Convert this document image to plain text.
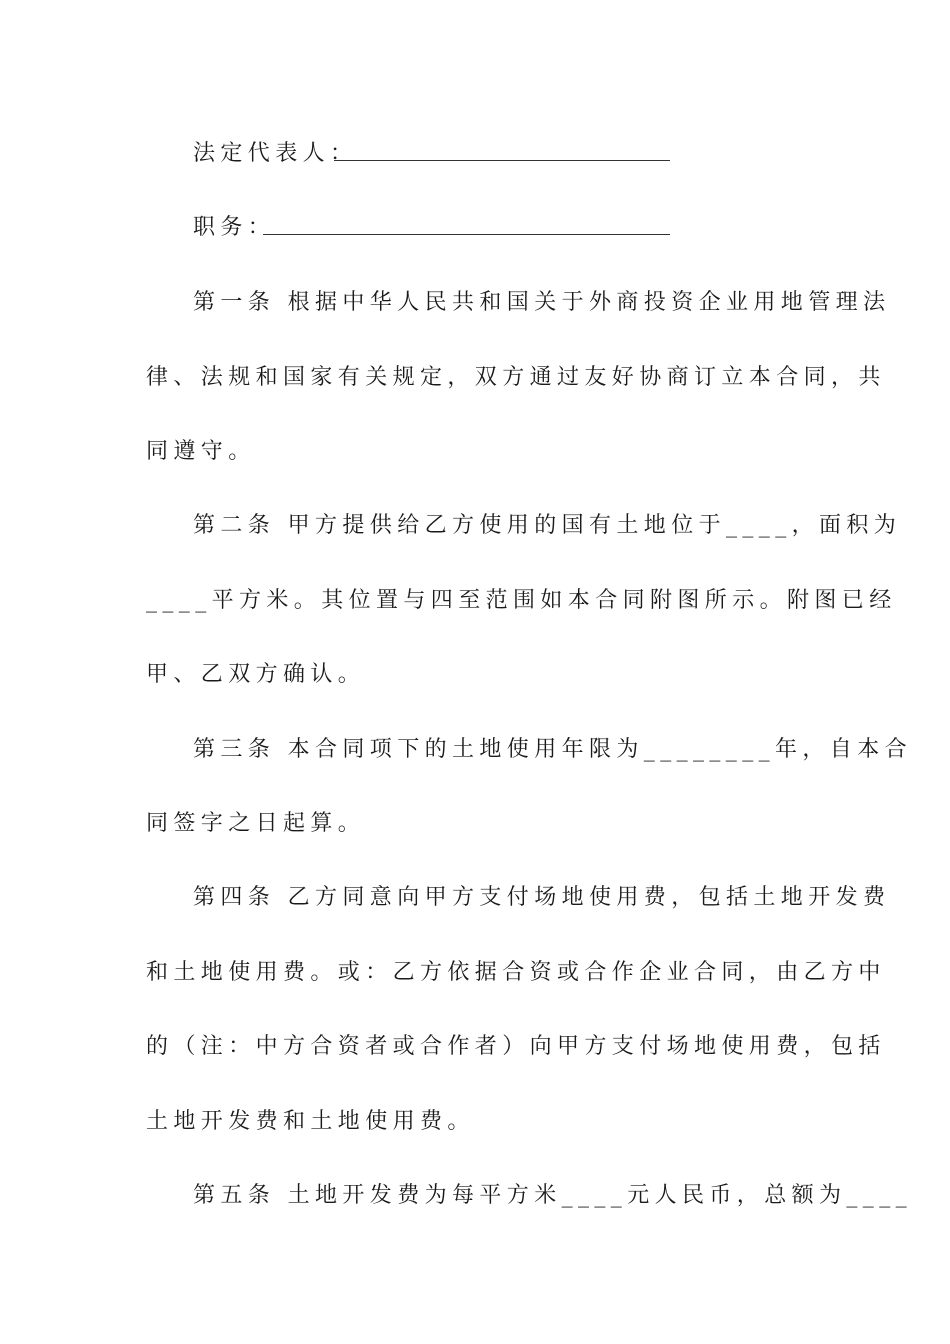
法定代表人：
职务：
第一条 根据中华人民共和国关于外商投资企业用地管理法
律、法规和国家有关规定，双方通过友好协商订立本合同，共
同遵守。
第二条 甲方提供给乙方使用的国有土地位于____，面积为
____平方米。其位置与四至范围如本合同附图所示。附图已经
甲、乙双方确认。
第三条 本合同项下的土地使用年限为________年，自本合
同签字之日起算。
第四条 乙方同意向甲方支付场地使用费，包括土地开发费
和土地使用费。或：乙方依据合资或合作企业合同，由乙方中
的（注：中方合资者或合作者）向甲方支付场地使用费，包括
土地开发费和土地使用费。
第五条 土地开发费为每平方米____元人民币，总额为____
